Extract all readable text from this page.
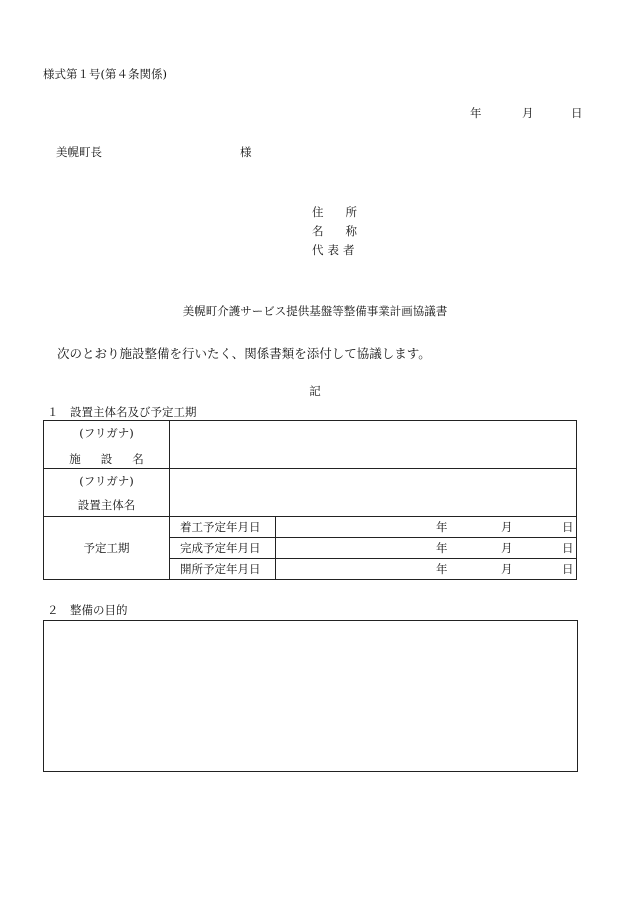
様式第１号(第４条関係)
年	月	日
美幌町長	様
住 所
名 称
代 表 者
美幌町介護サービス提供基盤等整備事業計画協議書
次のとおり施設整備を行いたく、関係書類を添付して協議します。
記
１　設置主体名及び予定工期
(フリガナ)
施 設 名		

(フリガナ)
設置主体名		

予定工期	着工予定年月日	年 月 日

	完成予定年月日	年 月 日

	開所予定年月日	年 月 日
２　整備の目的
